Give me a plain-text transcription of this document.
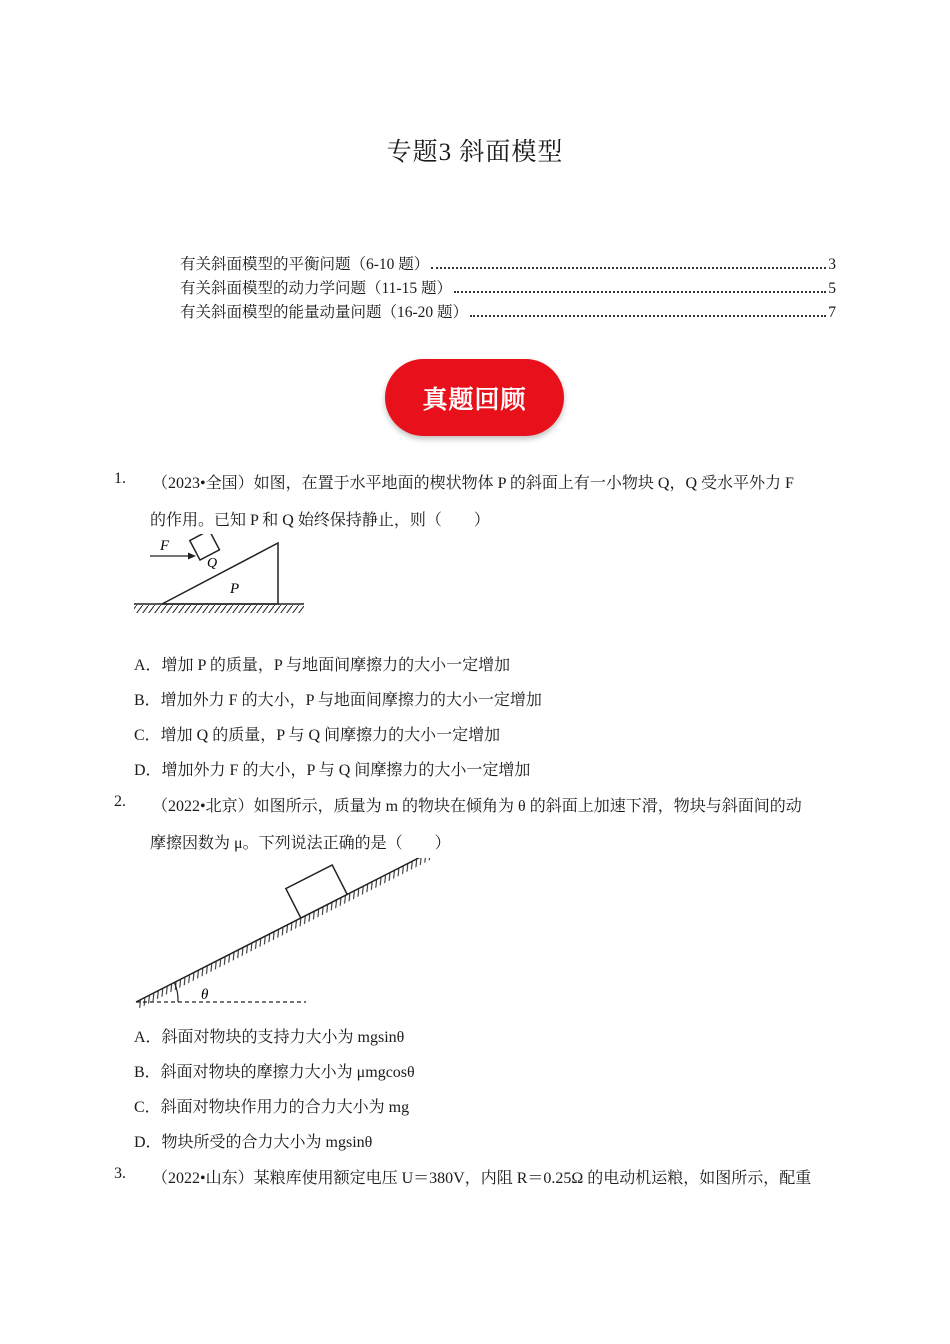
专题3 斜面模型
有关斜面模型的平衡问题（6-10 题）	3
有关斜面模型的动力学问题（11-15 题）	5
有关斜面模型的能量动量问题（16-20 题）	7
真题回顾
1. （2023•全国）如图，在置于水平地面的楔状物体 P 的斜面上有一小物块 Q，Q 受水平外力 F
的作用。已知 P 和 Q 始终保持静止，则（　　）
F
Q
P
A．增加 P 的质量，P 与地面间摩擦力的大小一定增加
B．增加外力 F 的大小，P 与地面间摩擦力的大小一定增加
C．增加 Q 的质量，P 与 Q 间摩擦力的大小一定增加
D．增加外力 F 的大小，P 与 Q 间摩擦力的大小一定增加
2. （2022•北京）如图所示，质量为 m 的物块在倾角为 θ 的斜面上加速下滑，物块与斜面间的动
摩擦因数为 μ。下列说法正确的是（　　）
θ
A．斜面对物块的支持力大小为 mgsinθ
B．斜面对物块的摩擦力大小为 μmgcosθ
C．斜面对物块作用力的合力大小为 mg
D．物块所受的合力大小为 mgsinθ
3. （2022•山东）某粮库使用额定电压 U＝380V，内阻 R＝0.25Ω 的电动机运粮，如图所示，配重
